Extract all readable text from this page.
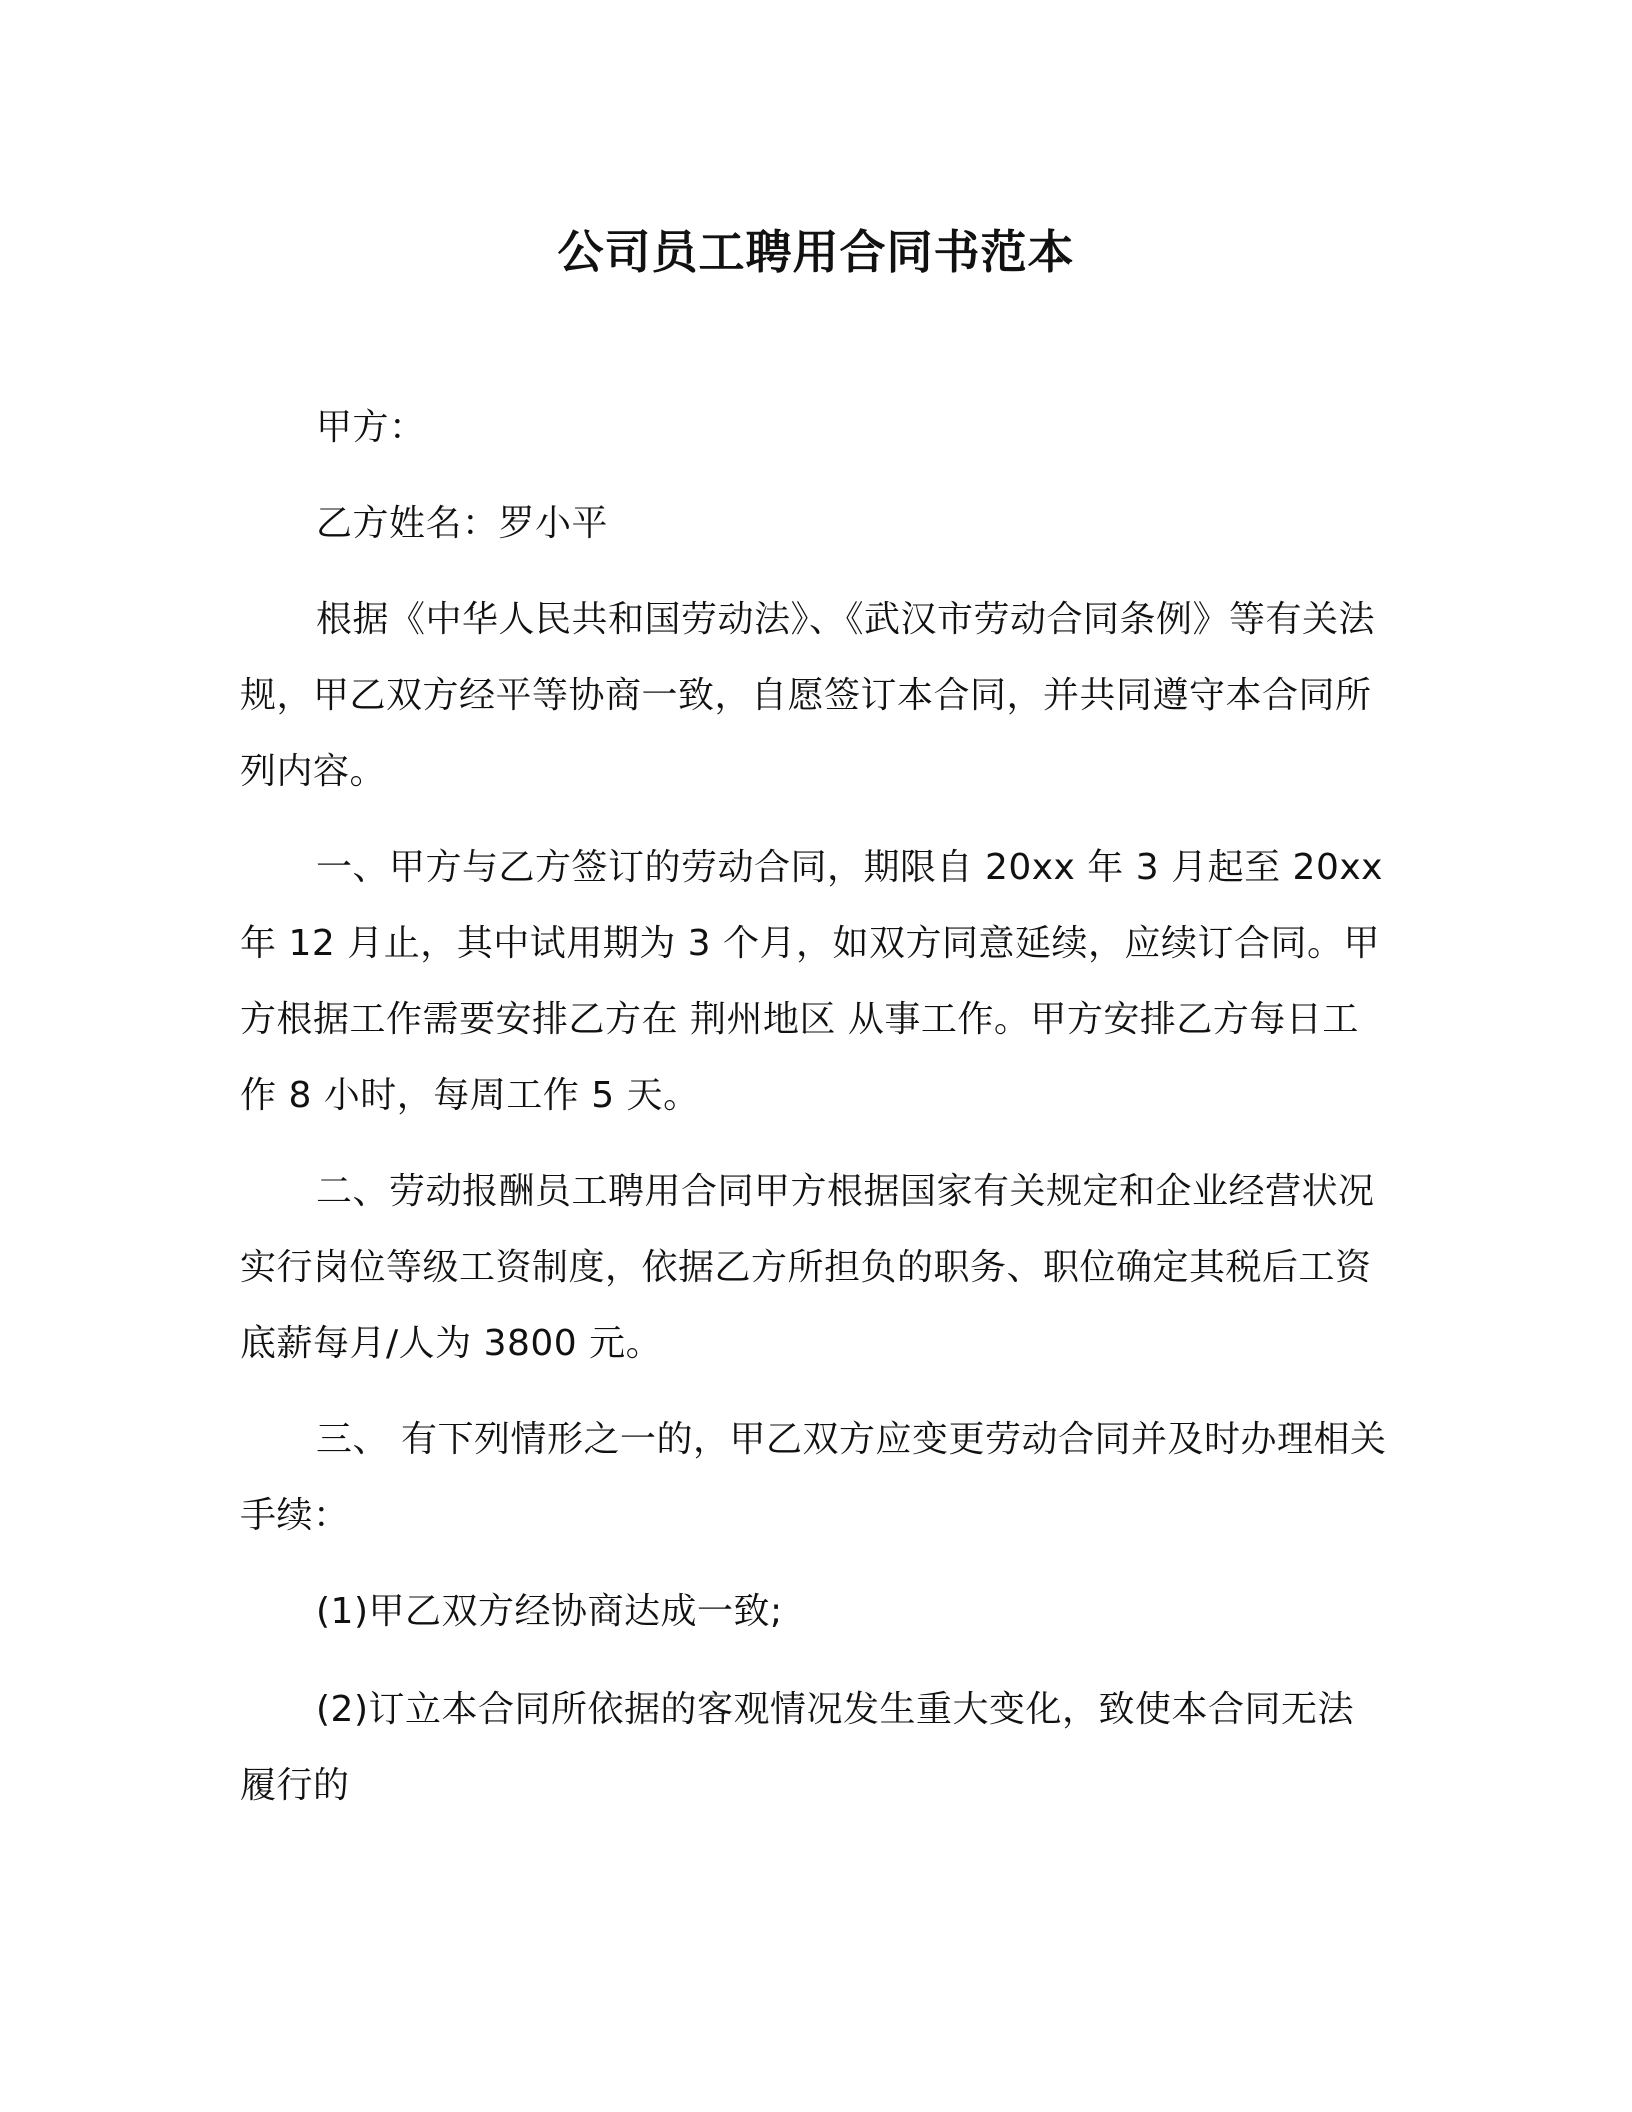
公司员工聘用合同书范本

甲方：

乙方姓名：罗小平

根据《中华人民共和国劳动法》、《武汉市劳动合同条例》等有关法规，甲乙双方经平等协商一致，自愿签订本合同，并共同遵守本合同所列内容。

一、甲方与乙方签订的劳动合同，期限自 20xx 年 3 月起至 20xx 年 12 月止，其中试用期为 3 个月，如双方同意延续，应续订合同。甲方根据工作需要安排乙方在 荆州地区 从事工作。甲方安排乙方每日工作 8 小时，每周工作 5 天。

二、劳动报酬员工聘用合同甲方根据国家有关规定和企业经营状况实行岗位等级工资制度，依据乙方所担负的职务、职位确定其税后工资底薪每月/人为 3800 元。

三、 有下列情形之一的，甲乙双方应变更劳动合同并及时办理相关手续：

(1)甲乙双方经协商达成一致;

(2)订立本合同所依据的客观情况发生重大变化，致使本合同无法履行的
